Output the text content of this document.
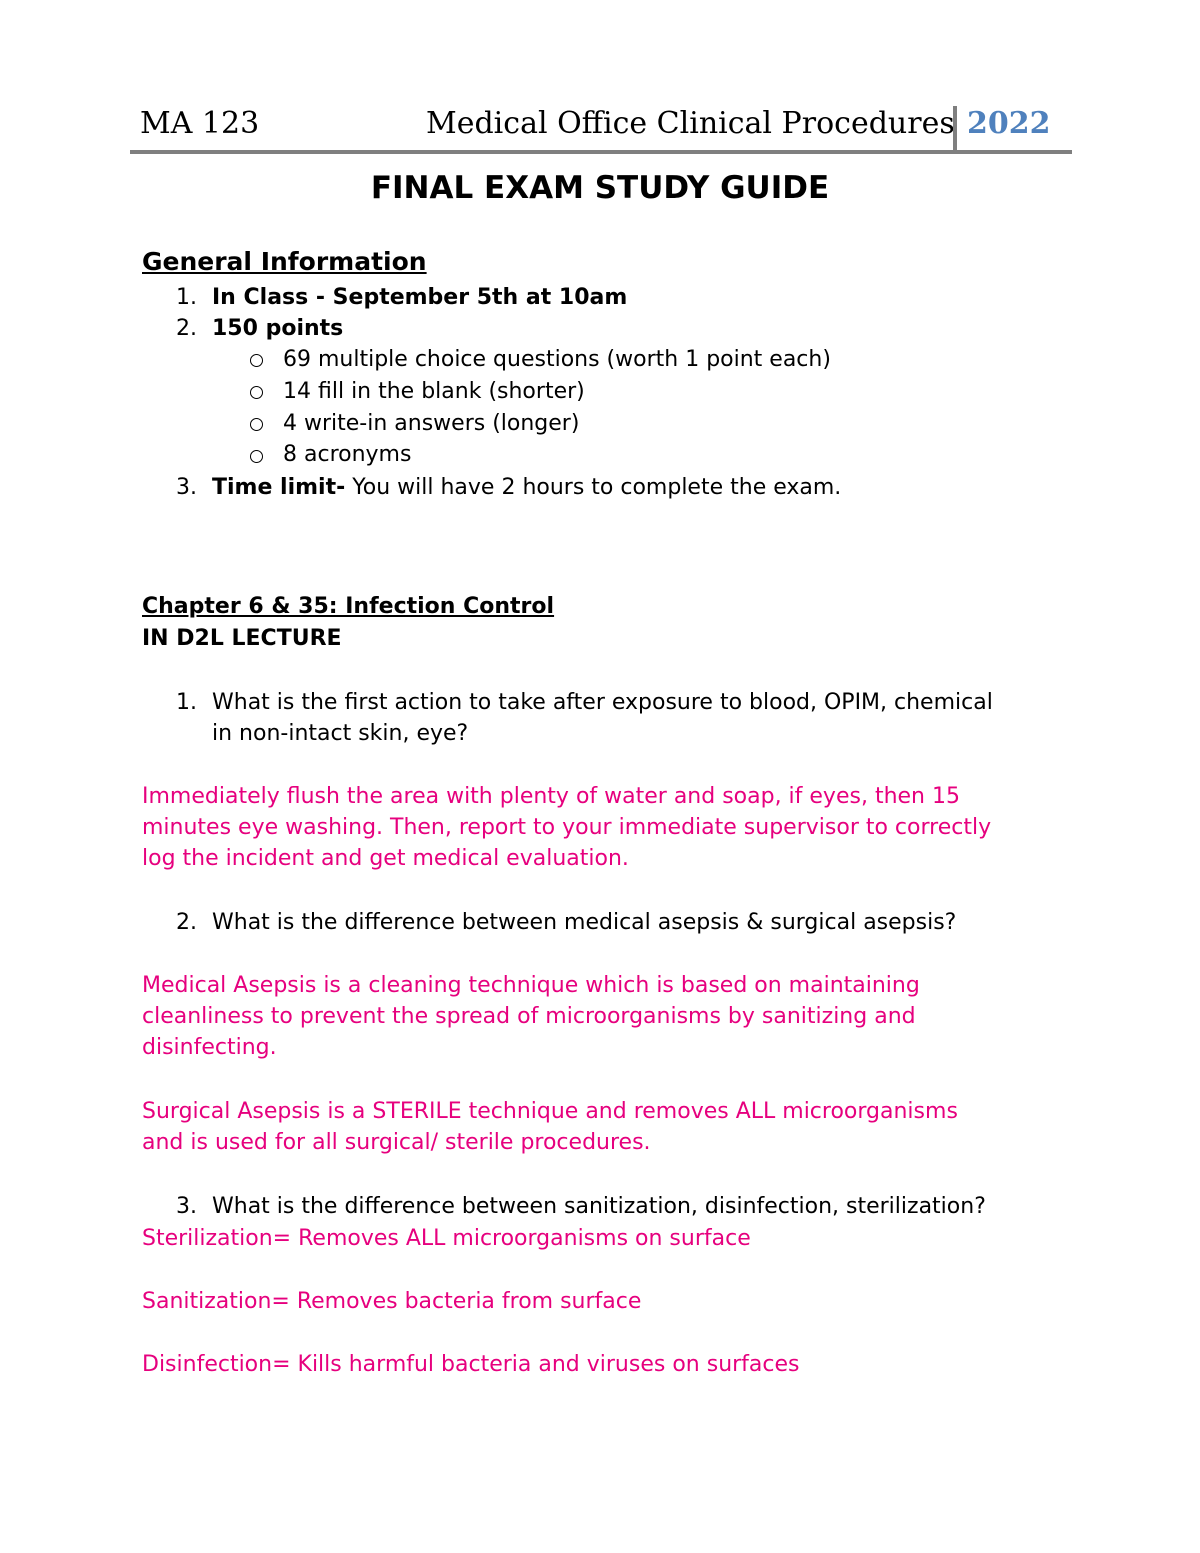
MA 123	Medical Office Clinical Procedures 2022
FINAL EXAM STUDY GUIDE
General Information
1. In Class - September 5th at 10am
2. 150 points
69 multiple choice questions (worth 1 point each)
14 fill in the blank (shorter)
4 write-in answers (longer)
8 acronyms
3. Time limit- You will have 2 hours to complete the exam.
Chapter 6 & 35: Infection Control
IN D2L LECTURE
1. What is the first action to take after exposure to blood, OPIM, chemical
in non-intact skin, eye?
Immediately flush the area with plenty of water and soap, if eyes, then 15
minutes eye washing. Then, report to your immediate supervisor to correctly
log the incident and get medical evaluation.
2. What is the difference between medical asepsis & surgical asepsis?
Medical Asepsis is a cleaning technique which is based on maintaining
cleanliness to prevent the spread of microorganisms by sanitizing and
disinfecting.
Surgical Asepsis is a STERILE technique and removes ALL microorganisms
and is used for all surgical/ sterile procedures.
3. What is the difference between sanitization, disinfection, sterilization?
Sterilization= Removes ALL microorganisms on surface
Sanitization= Removes bacteria from surface
Disinfection= Kills harmful bacteria and viruses on surfaces
